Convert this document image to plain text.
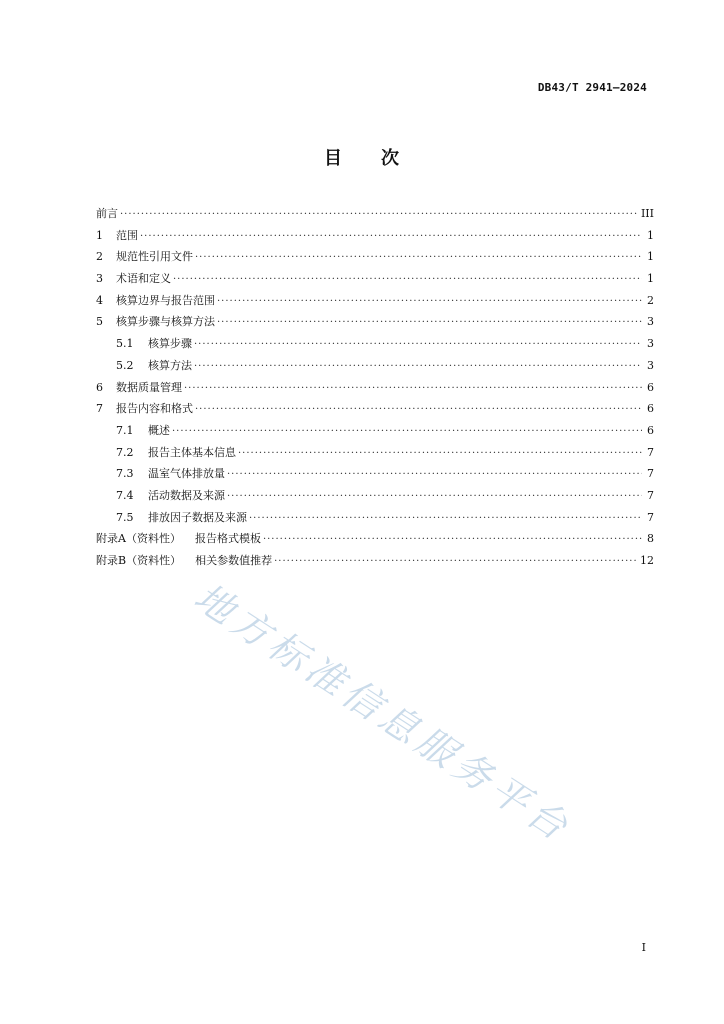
DB43/T 2941—2024
目 次
前言 ·····	III
1	范围 ·····	1
2	规范性引用文件 ·····	1
3	术语和定义 ·····	1
4	核算边界与报告范围 ·····	2
5	核算步骤与核算方法 ·····	3
5.1	核算步骤 ·····	3
5.2	核算方法 ·····	3
6	数据质量管理 ·····	6
7	报告内容和格式 ·····	6
7.1	概述 ·····	6
7.2	报告主体基本信息 ·····	7
7.3	温室气体排放量 ·····	7
7.4	活动数据及来源 ·····	7
7.5	排放因子数据及来源 ·····	7
附录A（资料性） 报告格式模板 ·····	8
附录B（资料性） 相关参数值推荐 ·····	12
地方标准信息服务平台
I
